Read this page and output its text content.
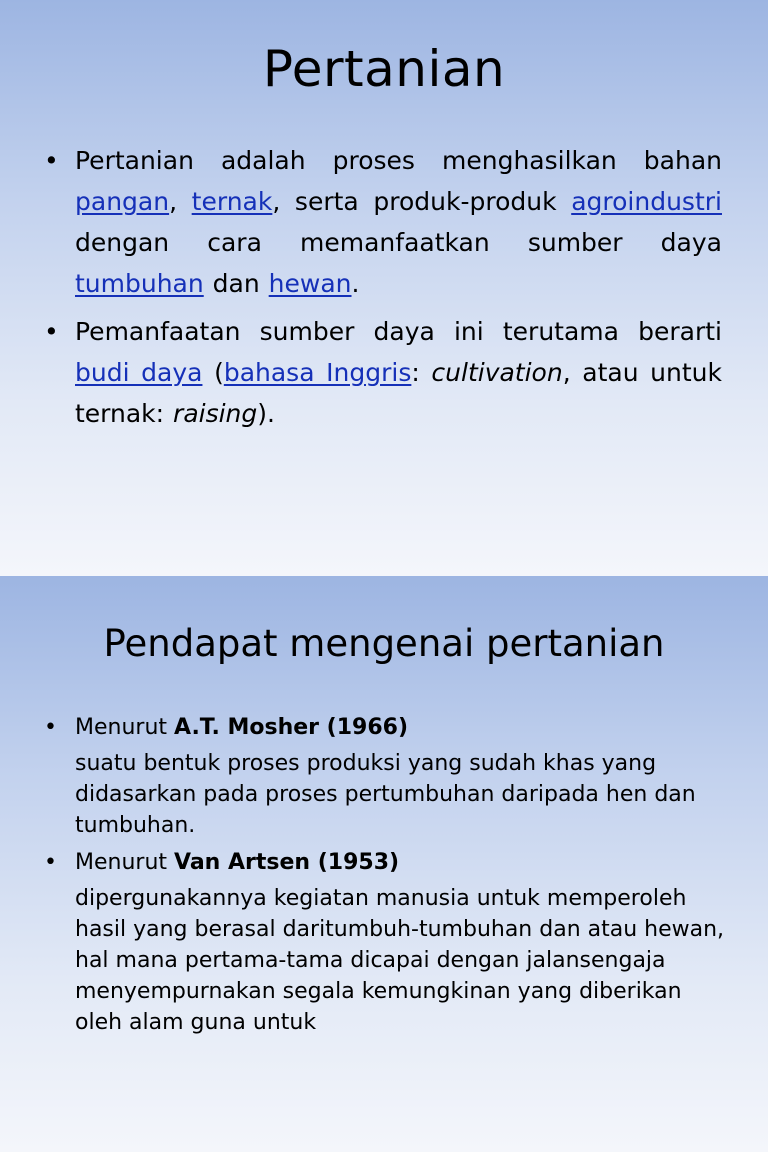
Pertanian
• Pertanian adalah proses menghasilkan bahan pangan, ternak, serta produk-produk agroindustri dengan cara memanfaatkan sumber daya tumbuhan dan hewan.
• Pemanfaatan sumber daya ini terutama berarti budi daya (bahasa Inggris: cultivation, atau untuk ternak: raising).
Pendapat mengenai pertanian
• Menurut A.T. Mosher (1966)
suatu bentuk proses produksi yang sudah khas yang didasarkan pada proses pertumbuhan daripada hen dan tumbuhan.
• Menurut Van Artsen (1953)
dipergunakannya kegiatan manusia untuk memperoleh hasil yang berasal daritumbuh-tumbuhan dan atau hewan, hal mana pertama-tama dicapai dengan jalansengaja menyempurnakan segala kemungkinan yang diberikan oleh alam guna untuk
